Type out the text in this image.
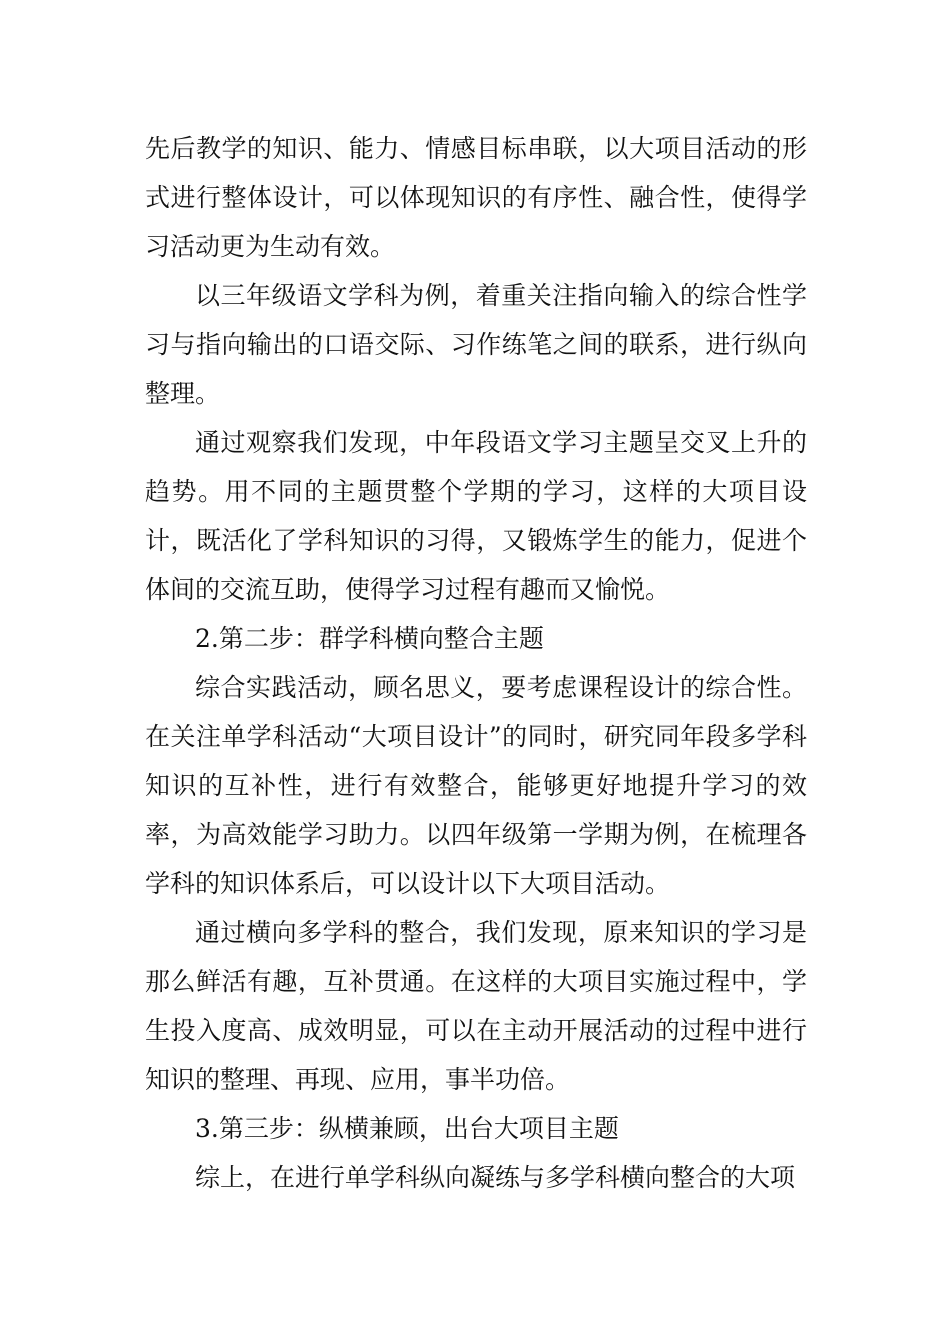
先后教学的知识、能力、情感目标串联，以大项目活动的形式进行整体设计，可以体现知识的有序性、融合性，使得学习活动更为生动有效。

以三年级语文学科为例，着重关注指向输入的综合性学习与指向输出的口语交际、习作练笔之间的联系，进行纵向整理。

通过观察我们发现，中年段语文学习主题呈交叉上升的趋势。用不同的主题贯整个学期的学习，这样的大项目设计，既活化了学科知识的习得，又锻炼学生的能力，促进个体间的交流互助，使得学习过程有趣而又愉悦。

2.第二步：群学科横向整合主题

综合实践活动，顾名思义，要考虑课程设计的综合性。在关注单学科活动“大项目设计”的同时，研究同年段多学科知识的互补性，进行有效整合，能够更好地提升学习的效率，为高效能学习助力。以四年级第一学期为例，在梳理各学科的知识体系后，可以设计以下大项目活动。

通过横向多学科的整合，我们发现，原来知识的学习是那么鲜活有趣，互补贯通。在这样的大项目实施过程中，学生投入度高、成效明显，可以在主动开展活动的过程中进行知识的整理、再现、应用，事半功倍。

3.第三步：纵横兼顾，出台大项目主题

综上，在进行单学科纵向凝练与多学科横向整合的大项
